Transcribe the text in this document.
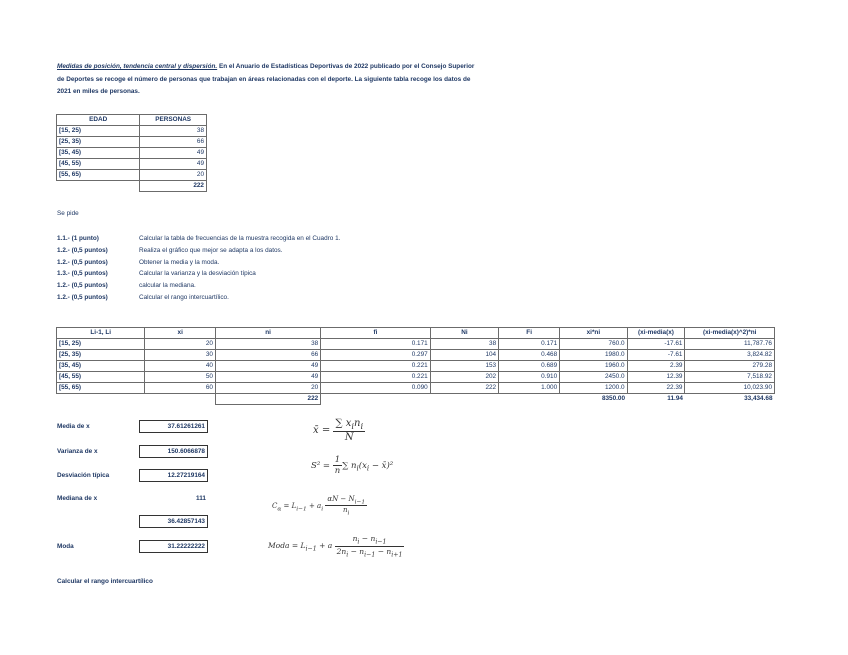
Medidas de posición, tendencia central y dispersión. En el Anuario de Estadísticas Deportivas de 2022 publicado por el Consejo Superior
de Deportes se recoge el número de personas que trabajan en áreas relacionadas con el deporte. La siguiente tabla recoge los datos de
2021 en miles de personas.
EDAD	PERSONAS
[15, 25)	38
[25, 35)	66
[35, 45)	49
[45, 55)	49
[55, 65)	20
	222
Se pide
1.1.- (1 punto)	Calcular la tabla de frecuencias de la muestra recogida en el Cuadro 1.
1.2.- (0,5 puntos)	Realiza el gráfico que mejor se adapta a los datos.
1.2.- (0,5 puntos)	Obtener la media y la moda.
1.3.- (0,5 puntos)	Calcular la varianza y la desviación típica
1.2.- (0,5 puntos)	calcular la mediana.
1.2.- (0,5 puntos)	Calcular el rango intercuartílico.
Li-1, Li	xi	ni	fi	Ni	Fi	xi*ni	(xi-media(x)	(xi-media(x)^2)*ni
[15, 25)	20	38	0.171	38	0.171	760.0	-17.61	11,787.76
[25, 35)	30	66	0.297	104	0.468	1980.0	-7.61	3,824.82
[35, 45)	40	49	0.221	153	0.689	1960.0	2.39	279.28
[45, 55)	50	49	0.221	202	0.910	2450.0	12.39	7,518.92
[55, 65)	60	20	0.090	222	1.000	1200.0	22.39	10,023.90
		222				8350.00	11.94	33,434.68
Media de x	37.61261261
Varianza de x	150.6066878
Desviación típica	12.27219164
Mediana de x	111
36.42857143
Moda	31.22222222
x̄ = $\frac{\sum x_in_i}{N}$
$S^2 = \frac{1}{n}$ ∑ $n_i(x_i$ − x̄)²
$C_\alpha = L_{i-1} + a_i \frac{\alpha N - N_{i-1}}{n_i}$
Moda = $L_{i-1} + a \frac{n_i - n_{i-1}}{2n_i - n_{i-1} - n_{i+1}}$
Calcular el rango intercuartílico
